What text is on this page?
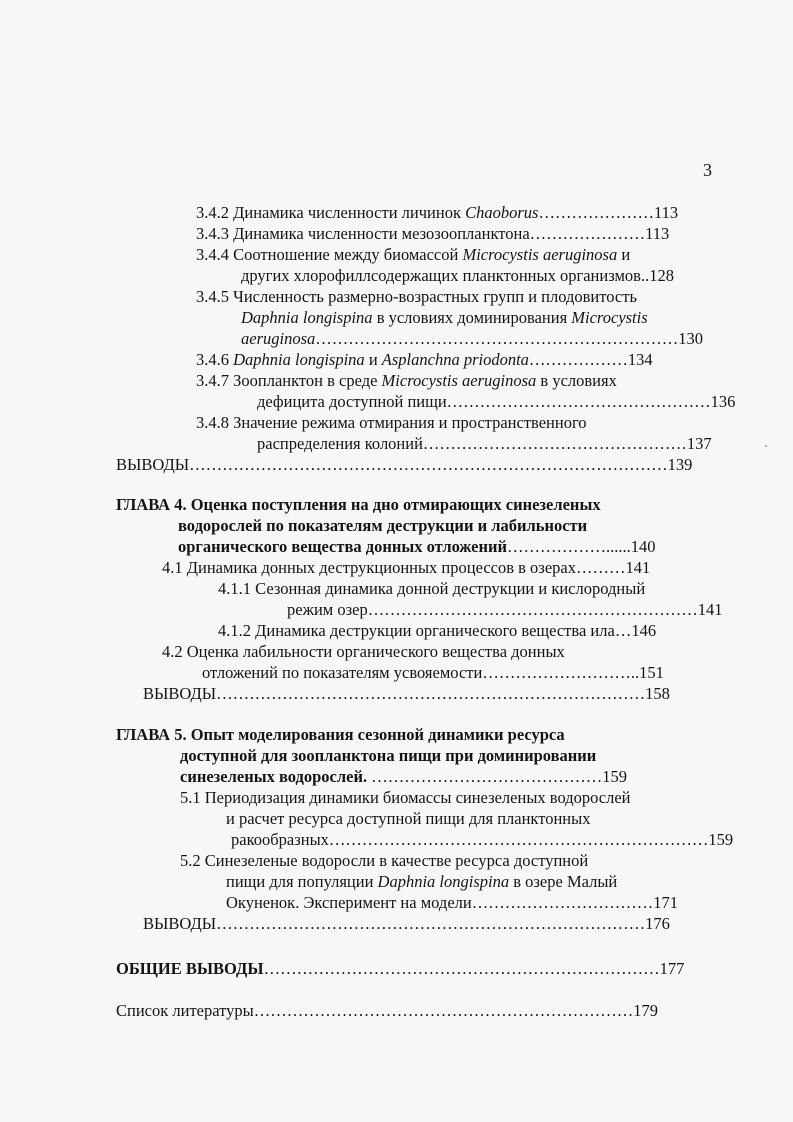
3
3.4.2 Динамика численности личинок Chaoborus…………………113
3.4.3 Динамика численности мезозоопланктона…………………113
3.4.4 Соотношение между биомассой Microcystis aeruginosa и
других хлорофиллсодержащих планктонных организмов..128
3.4.5 Численность размерно-возрастных групп и плодовитость
Daphnia longispina в условиях доминирования Microcystis
aeruginosa…………………………………………………………130
3.4.6 Daphnia longispina и Asplanchna priodonta………………134
3.4.7 Зоопланктон в среде Microcystis aeruginosa в условиях
дефицита доступной пищи…………………………………………136
3.4.8 Значение режима отмирания и пространственного
распределения колоний…………………………………………137
ВЫВОДЫ……………………………………………………………………………139
ГЛАВА 4. Оценка поступления на дно отмирающих синезеленых
водорослей по показателям деструкции и лабильности
органического вещества донных отложений………………......140
4.1 Динамика донных деструкционных процессов в озерах………141
4.1.1 Сезонная динамика донной деструкции и кислородный
режим озер……………………………………………………141
4.1.2 Динамика деструкции органического вещества ила…146
4.2 Оценка лабильности органического вещества донных
отложений по показателям усвояемости………………………..151
ВЫВОДЫ……………………………………………………………………158
ГЛАВА 5. Опыт моделирования сезонной динамики ресурса
доступной для зоопланктона пищи при доминировании
синезеленых водорослей. ……………………………………159
5.1 Периодизация динамики биомассы синезеленых водорослей
и расчет ресурса доступной пищи для планктонных
ракообразных……………………………………………………………159
5.2 Синезеленые водоросли в качестве ресурса доступной
пищи для популяции Daphnia longispina в озере Малый
Окуненок. Эксперимент на модели……………………………171
ВЫВОДЫ……………………………………………………………………176
ОБЩИЕ ВЫВОДЫ………………………………………………………………177
Список литературы……………………………………………………………179
